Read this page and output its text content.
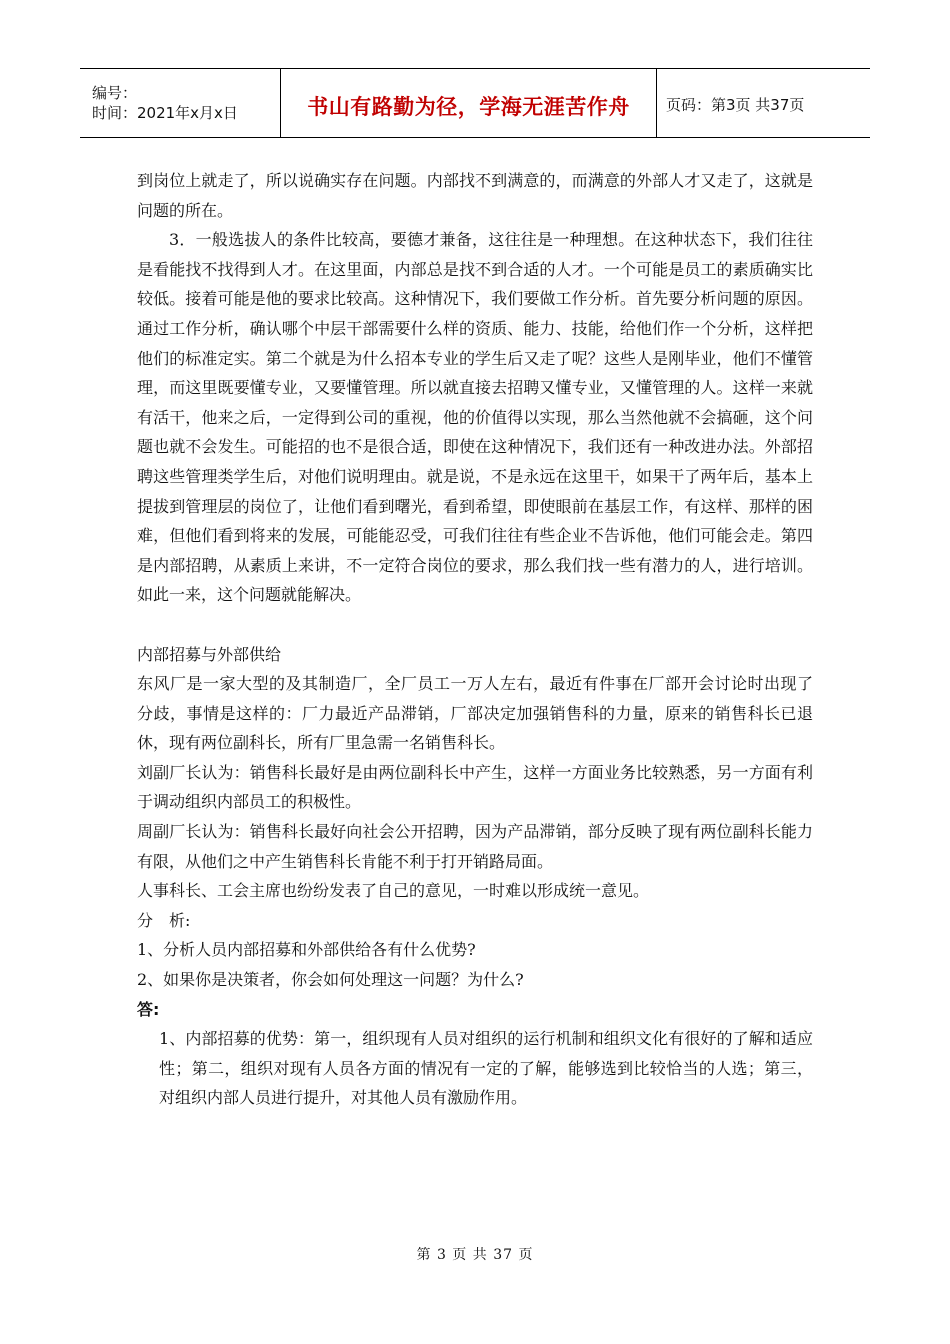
编号：
时间：2021年x月x日	书山有路勤为径，学海无涯苦作舟 页码：第3页 共37页

到岗位上就走了，所以说确实存在问题。内部找不到满意的，而满意的外部人才又走了，这就是问题的所在。

3．一般选拔人的条件比较高，要德才兼备，这往往是一种理想。在这种状态下，我们往往是看能找不找得到人才。在这里面，内部总是找不到合适的人才。一个可能是员工的素质确实比较低。接着可能是他的要求比较高。这种情况下，我们要做工作分析。首先要分析问题的原因。通过工作分析，确认哪个中层干部需要什么样的资质、能力、技能，给他们作一个分析，这样把他们的标准定实。第二个就是为什么招本专业的学生后又走了呢？这些人是刚毕业，他们不懂管理，而这里既要懂专业，又要懂管理。所以就直接去招聘又懂专业，又懂管理的人。这样一来就有活干，他来之后，一定得到公司的重视，他的价值得以实现，那么当然他就不会搞砸，这个问题也就不会发生。可能招的也不是很合适，即使在这种情况下，我们还有一种改进办法。外部招聘这些管理类学生后，对他们说明理由。就是说，不是永远在这里干，如果干了两年后，基本上提拔到管理层的岗位了，让他们看到曙光，看到希望，即使眼前在基层工作，有这样、那样的困难，但他们看到将来的发展，可能能忍受，可我们往往有些企业不告诉他，他们可能会走。第四是内部招聘，从素质上来讲，不一定符合岗位的要求，那么我们找一些有潜力的人，进行培训。如此一来，这个问题就能解决。

内部招募与外部供给

东风厂是一家大型的及其制造厂，全厂员工一万人左右，最近有件事在厂部开会讨论时出现了 分歧，事情是这样的：厂力最近产品滞销，厂部决定加强销售科的力量，原来的销售科长已退休，现有两位副科长，所有厂里急需一名销售科长。

刘副厂长认为：销售科长最好是由两位副科长中产生，这样一方面业务比较熟悉，另一方面有利于调动组织内部员工的积极性。

周副厂长认为：销售科长最好向社会公开招聘，因为产品滞销，部分反映了现有两位副科长能力有限，从他们之中产生销售科长肯能不利于打开销路局面。

人事科长、工会主席也纷纷发表了自己的意见，一时难以形成统一意见。

分　析:

1、分析人员内部招募和外部供给各有什么优势?

2、如果你是决策者，你会如何处理这一问题？为什么?

答:

1、内部招募的优势：第一，组织现有人员对组织的运行机制和组织文化有很好的了解和适应性；第二，组织对现有人员各方面的情况有一定的了解，能够选到比较恰当的人选；第三，对组织内部人员进行提升，对其他人员有激励作用。

第 3 页 共 37 页
